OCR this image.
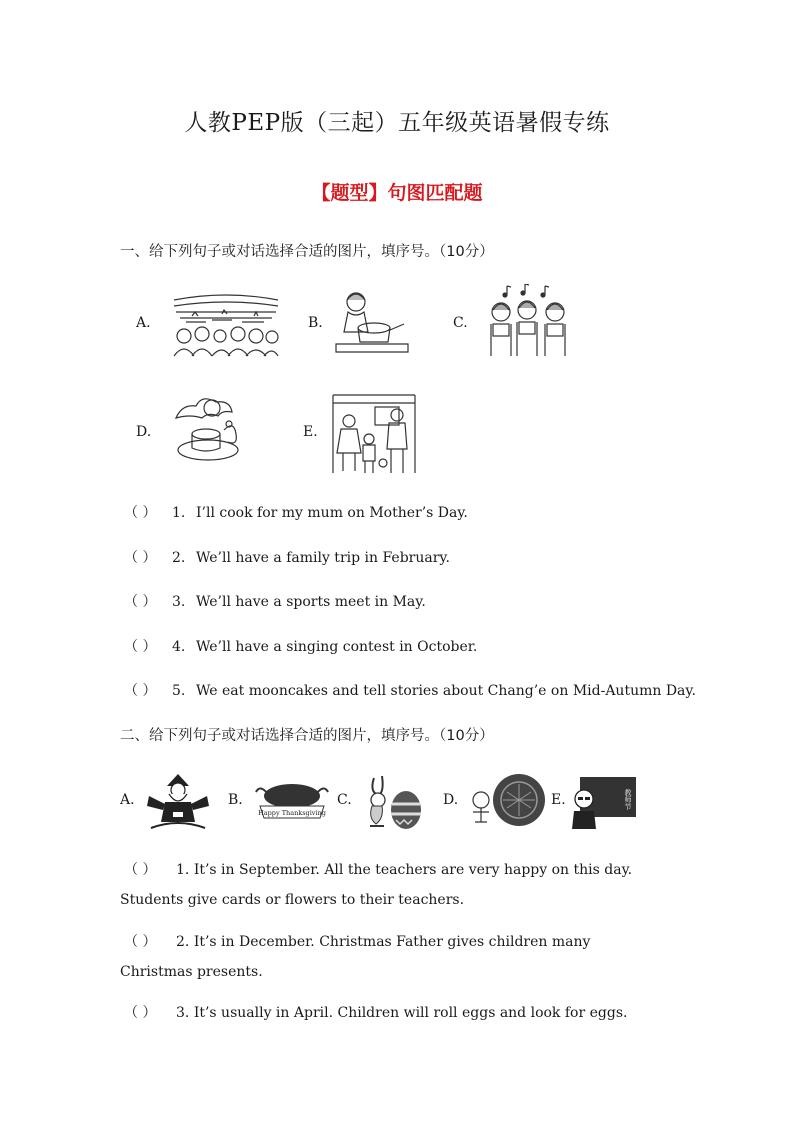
人教PEP版（三起）五年级英语暑假专练
【题型】句图匹配题
一、给下列句子或对话选择合适的图片，填序号。（10分）
A.	B.	C.
D.	E.
（ ） 1. I’ll cook for my mum on Mother’s Day.
（ ） 2. We’ll have a family trip in February.
（ ） 3. We’ll have a sports meet in May.
（ ） 4. We’ll have a singing contest in October.
（ ） 5. We eat mooncakes and tell stories about Chang’e on Mid-Autumn Day.
二、给下列句子或对话选择合适的图片，填序号。（10分）
A.	B.
Happy Thanksgiving
C.	D.	E.	教师节
（ ） 1. It’s in September. All the teachers are very happy on this day. Students give cards or flowers to their teachers.
（ ） 2. It’s in December. Christmas Father gives children many Christmas presents.
（ ） 3. It’s usually in April. Children will roll eggs and look for eggs.
